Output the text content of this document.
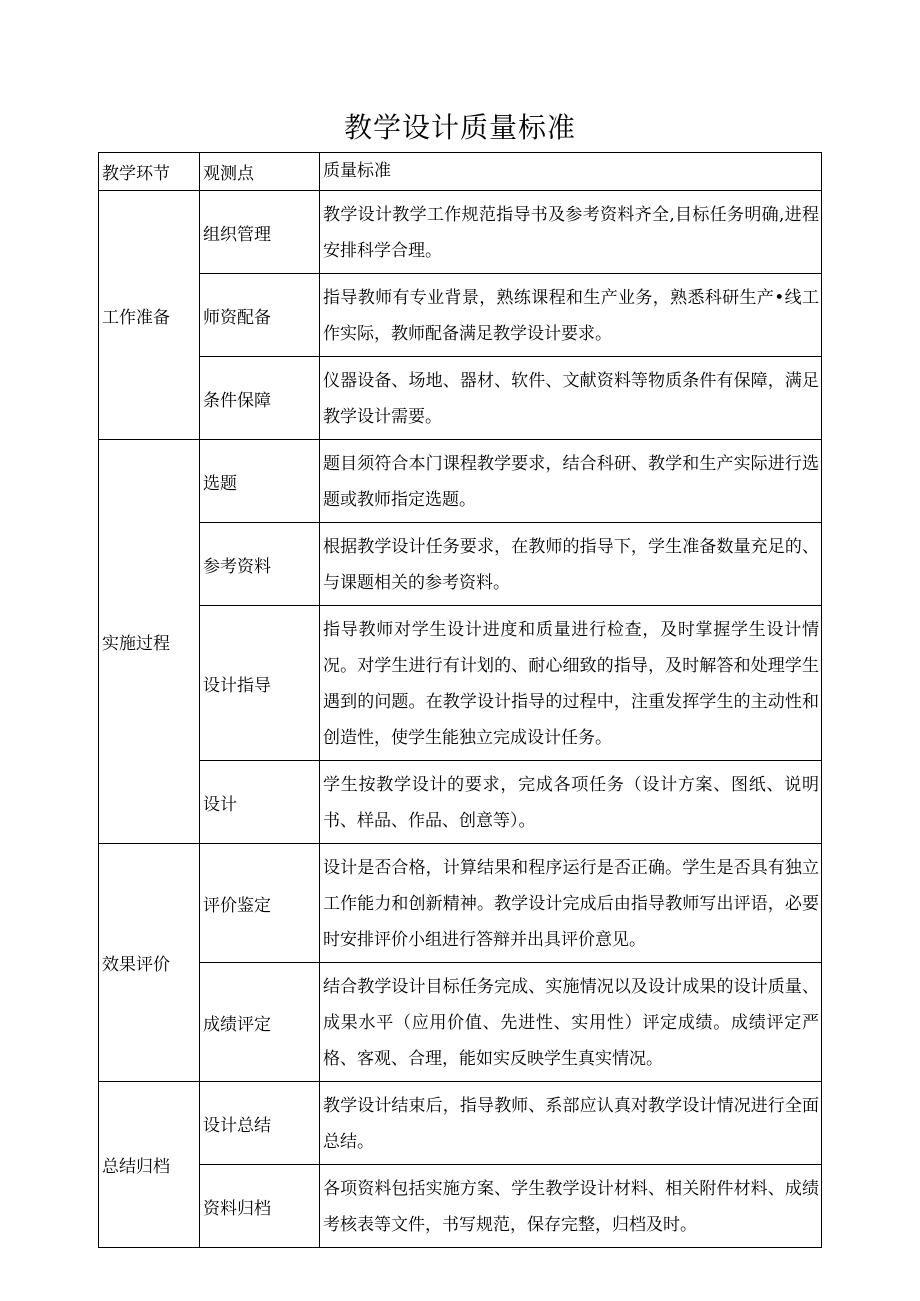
教学设计质量标准
教学环节	观测点	质量标准
工作准备	组织管理	教学设计教学工作规范指导书及参考资料齐全,目标任务明确,进程安排科学合理。
	师资配备	指导教师有专业背景，熟练课程和生产业务，熟悉科研生产•线工作实际，教师配备满足教学设计要求。
	条件保障	仪器设备、场地、器材、软件、文献资料等物质条件有保障，满足教学设计需要。
实施过程	选题	题目须符合本门课程教学要求，结合科研、教学和生产实际进行选题或教师指定选题。
	参考资料	根据教学设计任务要求，在教师的指导下，学生准备数量充足的、与课题相关的参考资料。
	设计指导	指导教师对学生设计进度和质量进行检查，及时掌握学生设计情况。对学生进行有计划的、耐心细致的指导，及时解答和处理学生遇到的问题。在教学设计指导的过程中，注重发挥学生的主动性和创造性，使学生能独立完成设计任务。
	设计	学生按教学设计的要求，完成各项任务（设计方案、图纸、说明书、样品、作品、创意等）。
效果评价	评价鉴定	设计是否合格，计算结果和程序运行是否正确。学生是否具有独立工作能力和创新精神。教学设计完成后由指导教师写出评语，必要时安排评价小组进行答辩并出具评价意见。
	成绩评定	结合教学设计目标任务完成、实施情况以及设计成果的设计质量、成果水平（应用价值、先进性、实用性）评定成绩。成绩评定严格、客观、合理，能如实反映学生真实情况。
总结归档	设计总结	教学设计结束后，指导教师、系部应认真对教学设计情况进行全面总结。
	资料归档	各项资料包括实施方案、学生教学设计材料、相关附件材料、成绩考核表等文件，书写规范，保存完整，归档及时。
